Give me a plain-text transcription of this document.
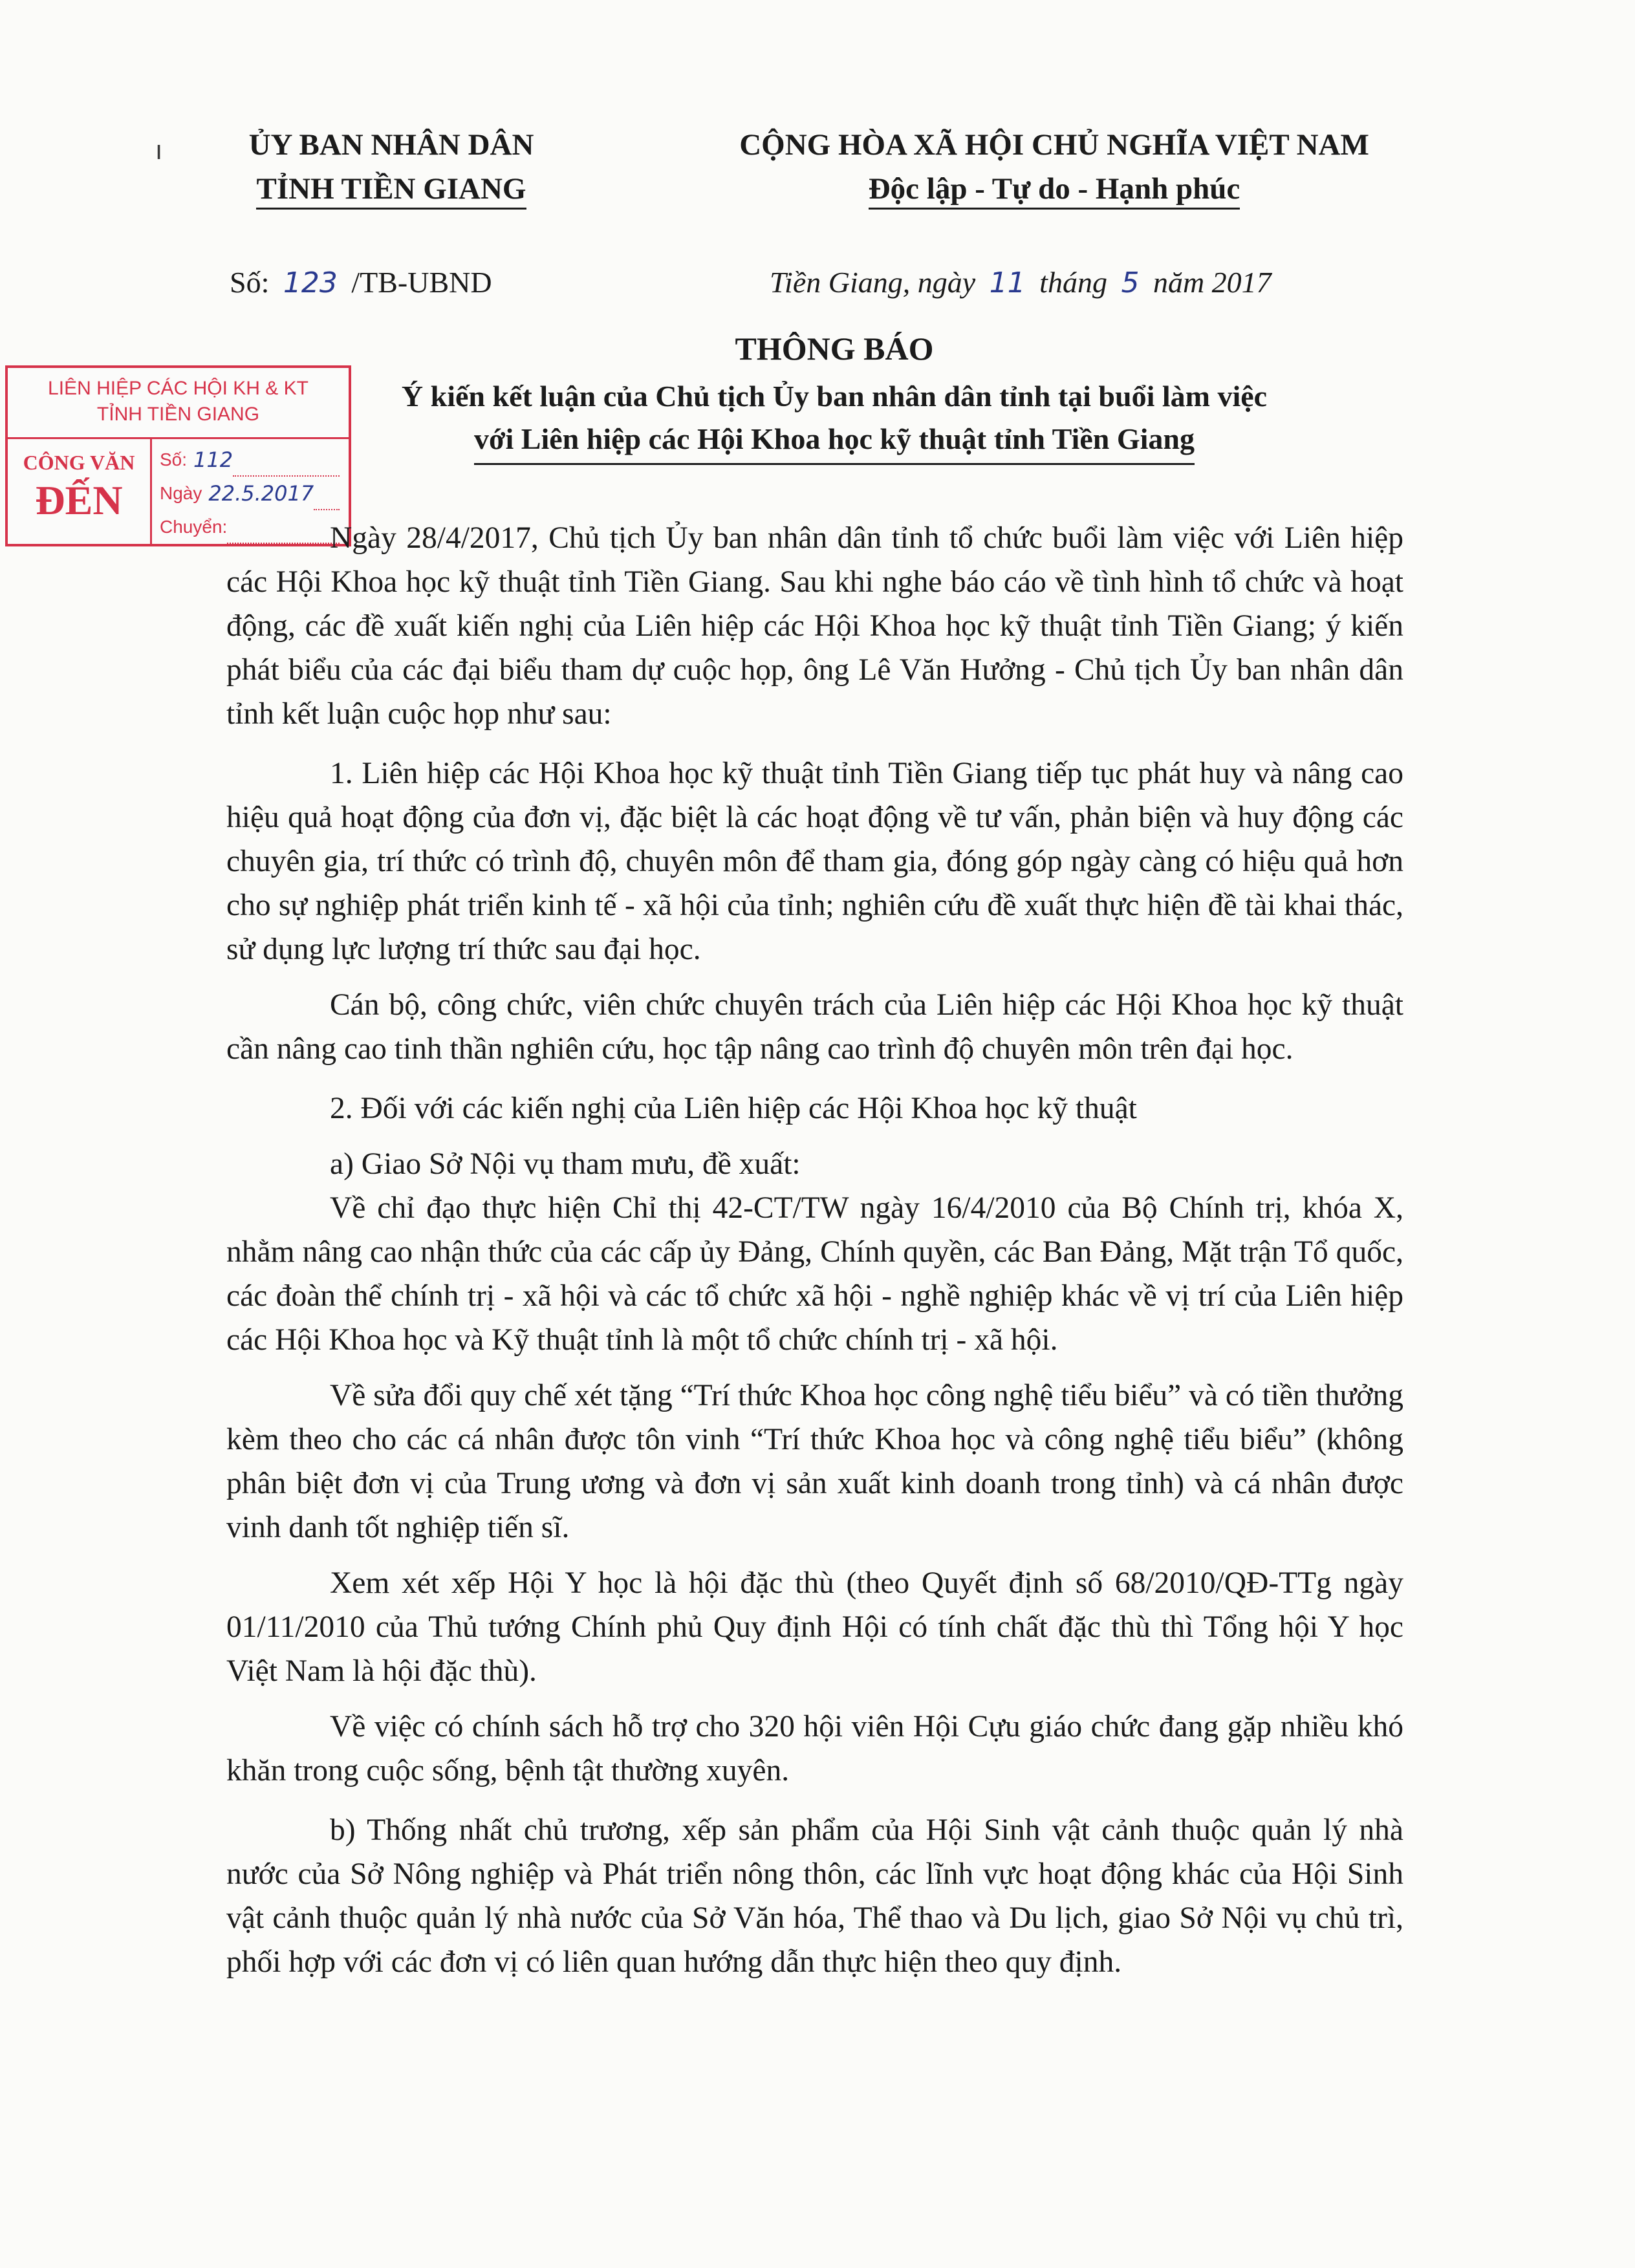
ı	ỦY BAN NHÂN DÂN
TỈNH TIỀN GIANG
CỘNG HÒA XÃ HỘI CHỦ NGHĨA VIỆT NAM
Độc lập - Tự do - Hạnh phúc
Số: 123 /TB-UBND	Tiền Giang, ngày 11 tháng 5 năm 2017
THÔNG BÁO
Ý kiến kết luận của Chủ tịch Ủy ban nhân dân tỉnh tại buổi làm việc
với Liên hiệp các Hội Khoa học kỹ thuật tỉnh Tiền Giang
LIÊN HIỆP CÁC HỘI KH & KT
TỈNH TIỀN GIANG
CÔNG VĂN
ĐẾN
Số: 112
Ngày 22.5.2017
Chuyển:	Ngày 28/4/2017, Chủ tịch Ủy ban nhân dân tỉnh tổ chức buổi làm việc với Liên hiệp các Hội Khoa học kỹ thuật tỉnh Tiền Giang. Sau khi nghe báo cáo về tình hình tổ chức và hoạt động, các đề xuất kiến nghị của Liên hiệp các Hội Khoa học kỹ thuật tỉnh Tiền Giang; ý kiến phát biểu của các đại biểu tham dự cuộc họp, ông Lê Văn Hưởng - Chủ tịch Ủy ban nhân dân tỉnh kết luận cuộc họp như sau:

1. Liên hiệp các Hội Khoa học kỹ thuật tỉnh Tiền Giang tiếp tục phát huy và nâng cao hiệu quả hoạt động của đơn vị, đặc biệt là các hoạt động về tư vấn, phản biện và huy động các chuyên gia, trí thức có trình độ, chuyên môn để tham gia, đóng góp ngày càng có hiệu quả hơn cho sự nghiệp phát triển kinh tế - xã hội của tỉnh; nghiên cứu đề xuất thực hiện đề tài khai thác, sử dụng lực lượng trí thức sau đại học.

Cán bộ, công chức, viên chức chuyên trách của Liên hiệp các Hội Khoa học kỹ thuật cần nâng cao tinh thần nghiên cứu, học tập nâng cao trình độ chuyên môn trên đại học.

2. Đối với các kiến nghị của Liên hiệp các Hội Khoa học kỹ thuật

a) Giao Sở Nội vụ tham mưu, đề xuất:

Về chỉ đạo thực hiện Chỉ thị 42-CT/TW ngày 16/4/2010 của Bộ Chính trị, khóa X, nhằm nâng cao nhận thức của các cấp ủy Đảng, Chính quyền, các Ban Đảng, Mặt trận Tổ quốc, các đoàn thể chính trị - xã hội và các tổ chức xã hội - nghề nghiệp khác về vị trí của Liên hiệp các Hội Khoa học và Kỹ thuật tỉnh là một tổ chức chính trị - xã hội.

Về sửa đổi quy chế xét tặng “Trí thức Khoa học công nghệ tiểu biểu” và có tiền thưởng kèm theo cho các cá nhân được tôn vinh “Trí thức Khoa học và công nghệ tiểu biểu” (không phân biệt đơn vị của Trung ương và đơn vị sản xuất kinh doanh trong tỉnh) và cá nhân được vinh danh tốt nghiệp tiến sĩ.

Xem xét xếp Hội Y học là hội đặc thù (theo Quyết định số 68/2010/QĐ-TTg ngày 01/11/2010 của Thủ tướng Chính phủ Quy định Hội có tính chất đặc thù thì Tổng hội Y học Việt Nam là hội đặc thù).

Về việc có chính sách hỗ trợ cho 320 hội viên Hội Cựu giáo chức đang gặp nhiều khó khăn trong cuộc sống, bệnh tật thường xuyên.

b) Thống nhất chủ trương, xếp sản phẩm của Hội Sinh vật cảnh thuộc quản lý nhà nước của Sở Nông nghiệp và Phát triển nông thôn, các lĩnh vực hoạt động khác của Hội Sinh vật cảnh thuộc quản lý nhà nước của Sở Văn hóa, Thể thao và Du lịch, giao Sở Nội vụ chủ trì, phối hợp với các đơn vị có liên quan hướng dẫn thực hiện theo quy định.
